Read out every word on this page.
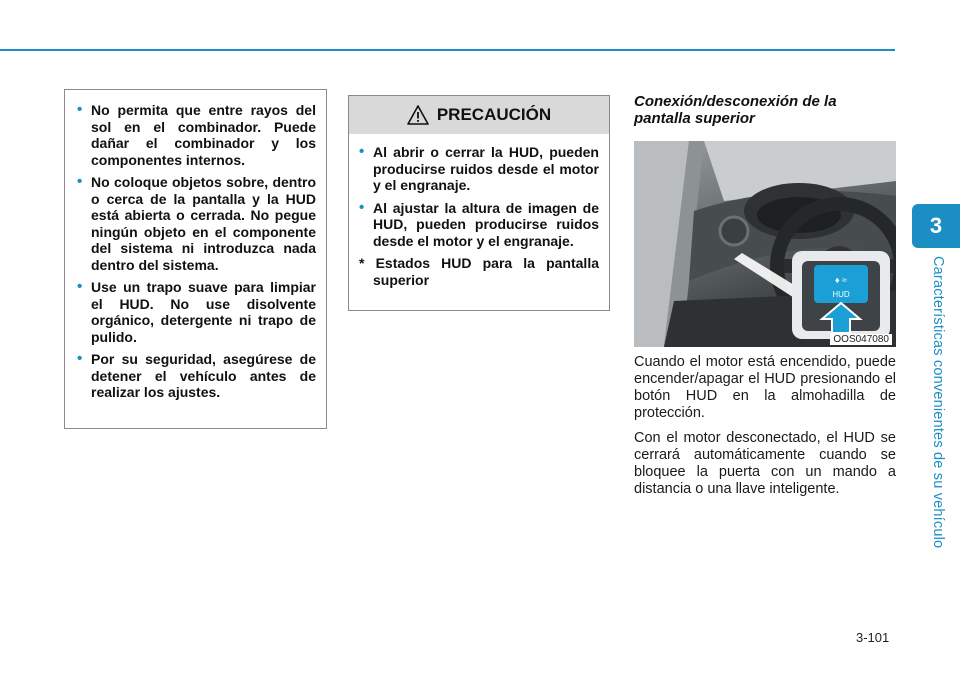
3
Características convenientes de su vehículo
• No permita que entre rayos del sol en el combinador. Puede dañar el combinador y los componentes internos.
• No coloque objetos sobre, dentro o cerca de la pantalla y la HUD está abierta o cerrada. No pegue ningún objeto en el componente del sistema ni introduzca nada dentro del sistema.
• Use un trapo suave para limpiar el HUD. No use disolvente orgánico, detergente ni trapo de pulido.
• Por su seguridad, asegúrese de detener el vehículo antes de realizar los ajustes.
PRECAUCIÓN
• Al abrir o cerrar la HUD, pueden producirse ruidos desde el motor y el engranaje.
• Al ajustar la altura de imagen de HUD, pueden producirse ruidos desde el motor y el engranaje.
* Estados HUD para la pantalla superior
Conexión/desconexión de la pantalla superior
♦ ≈
HUD
OOS047080

Cuando el motor está encendido, puede encender/apagar el HUD presionando el botón HUD en la almohadilla de protección.

Con el motor desconectado, el HUD se cerrará automáticamente cuando se bloquee la puerta con un mando a distancia o una llave inteligente.

3-101
